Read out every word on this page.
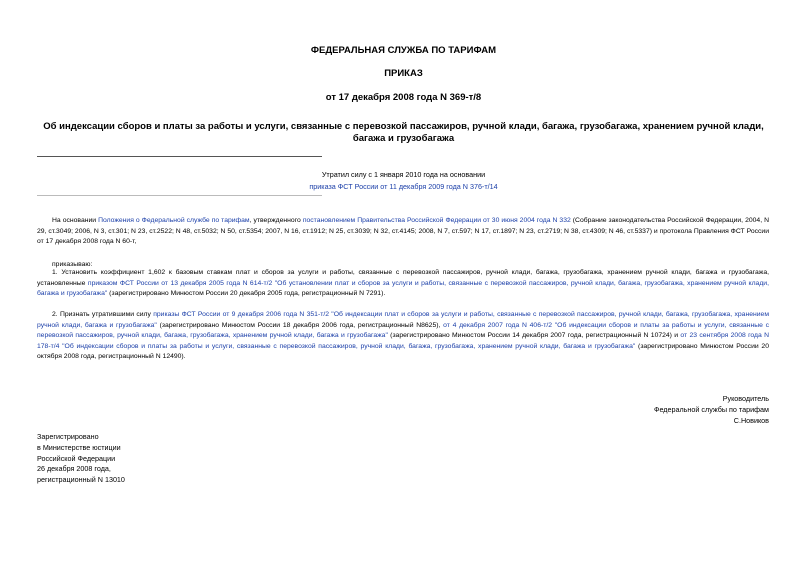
ФЕДЕРАЛЬНАЯ СЛУЖБА ПО ТАРИФАМ
ПРИКАЗ
от 17 декабря 2008 года N 369-т/8
Об индексации сборов и платы за работы и услуги, связанные с перевозкой пассажиров, ручной клади, багажа, грузобагажа, хранением ручной клади, багажа и грузобагажа
Утратил силу с 1 января 2010 года на основании
приказа ФСТ России от 11 декабря 2009 года N 376-т/14
На основании Положения о Федеральной службе по тарифам, утвержденного постановлением Правительства Российской Федерации от 30 июня 2004 года N 332 (Собрание законодательства Российской Федерации, 2004, N 29, ст.3049; 2006, N 3, ст.301; N 23, ст.2522; N 48, ст.5032; N 50, ст.5354; 2007, N 16, ст.1912; N 25, ст.3039; N 32, ст.4145; 2008, N 7, ст.597; N 17, ст.1897; N 23, ст.2719; N 38, ст.4309; N 46, ст.5337) и протокола Правления ФСТ России от 17 декабря 2008 года N 60-т,
приказываю:
1. Установить коэффициент 1,602 к базовым ставкам плат и сборов за услуги и работы, связанные с перевозкой пассажиров, ручной клади, багажа, грузобагажа, хранением ручной клади, багажа и грузобагажа, установленные приказом ФСТ России от 13 декабря 2005 года N 614-т/2 "Об установлении плат и сборов за услуги и работы, связанные с перевозкой пассажиров, ручной клади, багажа, грузобагажа, хранением ручной клади, багажа и грузобагажа" (зарегистрировано Минюстом России 20 декабря 2005 года, регистрационный N 7291).
2. Признать утратившими силу приказы ФСТ России от 9 декабря 2006 года N 351-т/2 "Об индексации плат и сборов за услуги и работы, связанные с перевозкой пассажиров, ручной клади, багажа, грузобагажа, хранением ручной клади, багажа и грузобагажа" (зарегистрировано Минюстом России 18 декабря 2006 года, регистрационный N8625), от 4 декабря 2007 года N 406-т/2 "Об индексации сборов и платы за работы и услуги, связанные с перевозкой пассажиров, ручной клади, багажа, грузобагажа, хранением ручной клади, багажа и грузобагажа" (зарегистрировано Минюстом России 14 декабря 2007 года, регистрационный N 10724) и от 23 сентября 2008 года N 178-т/4 "Об индексации сборов и платы за работы и услуги, связанные с перевозкой пассажиров, ручной клади, багажа, грузобагажа, хранением ручной клади, багажа и грузобагажа" (зарегистрировано Минюстом России 20 октября 2008 года, регистрационный N 12490).
Руководитель
Федеральной службы по тарифам
С.Новиков
Зарегистрировано
в Министерстве юстиции
Российской Федерации
26 декабря 2008 года,
регистрационный N 13010
